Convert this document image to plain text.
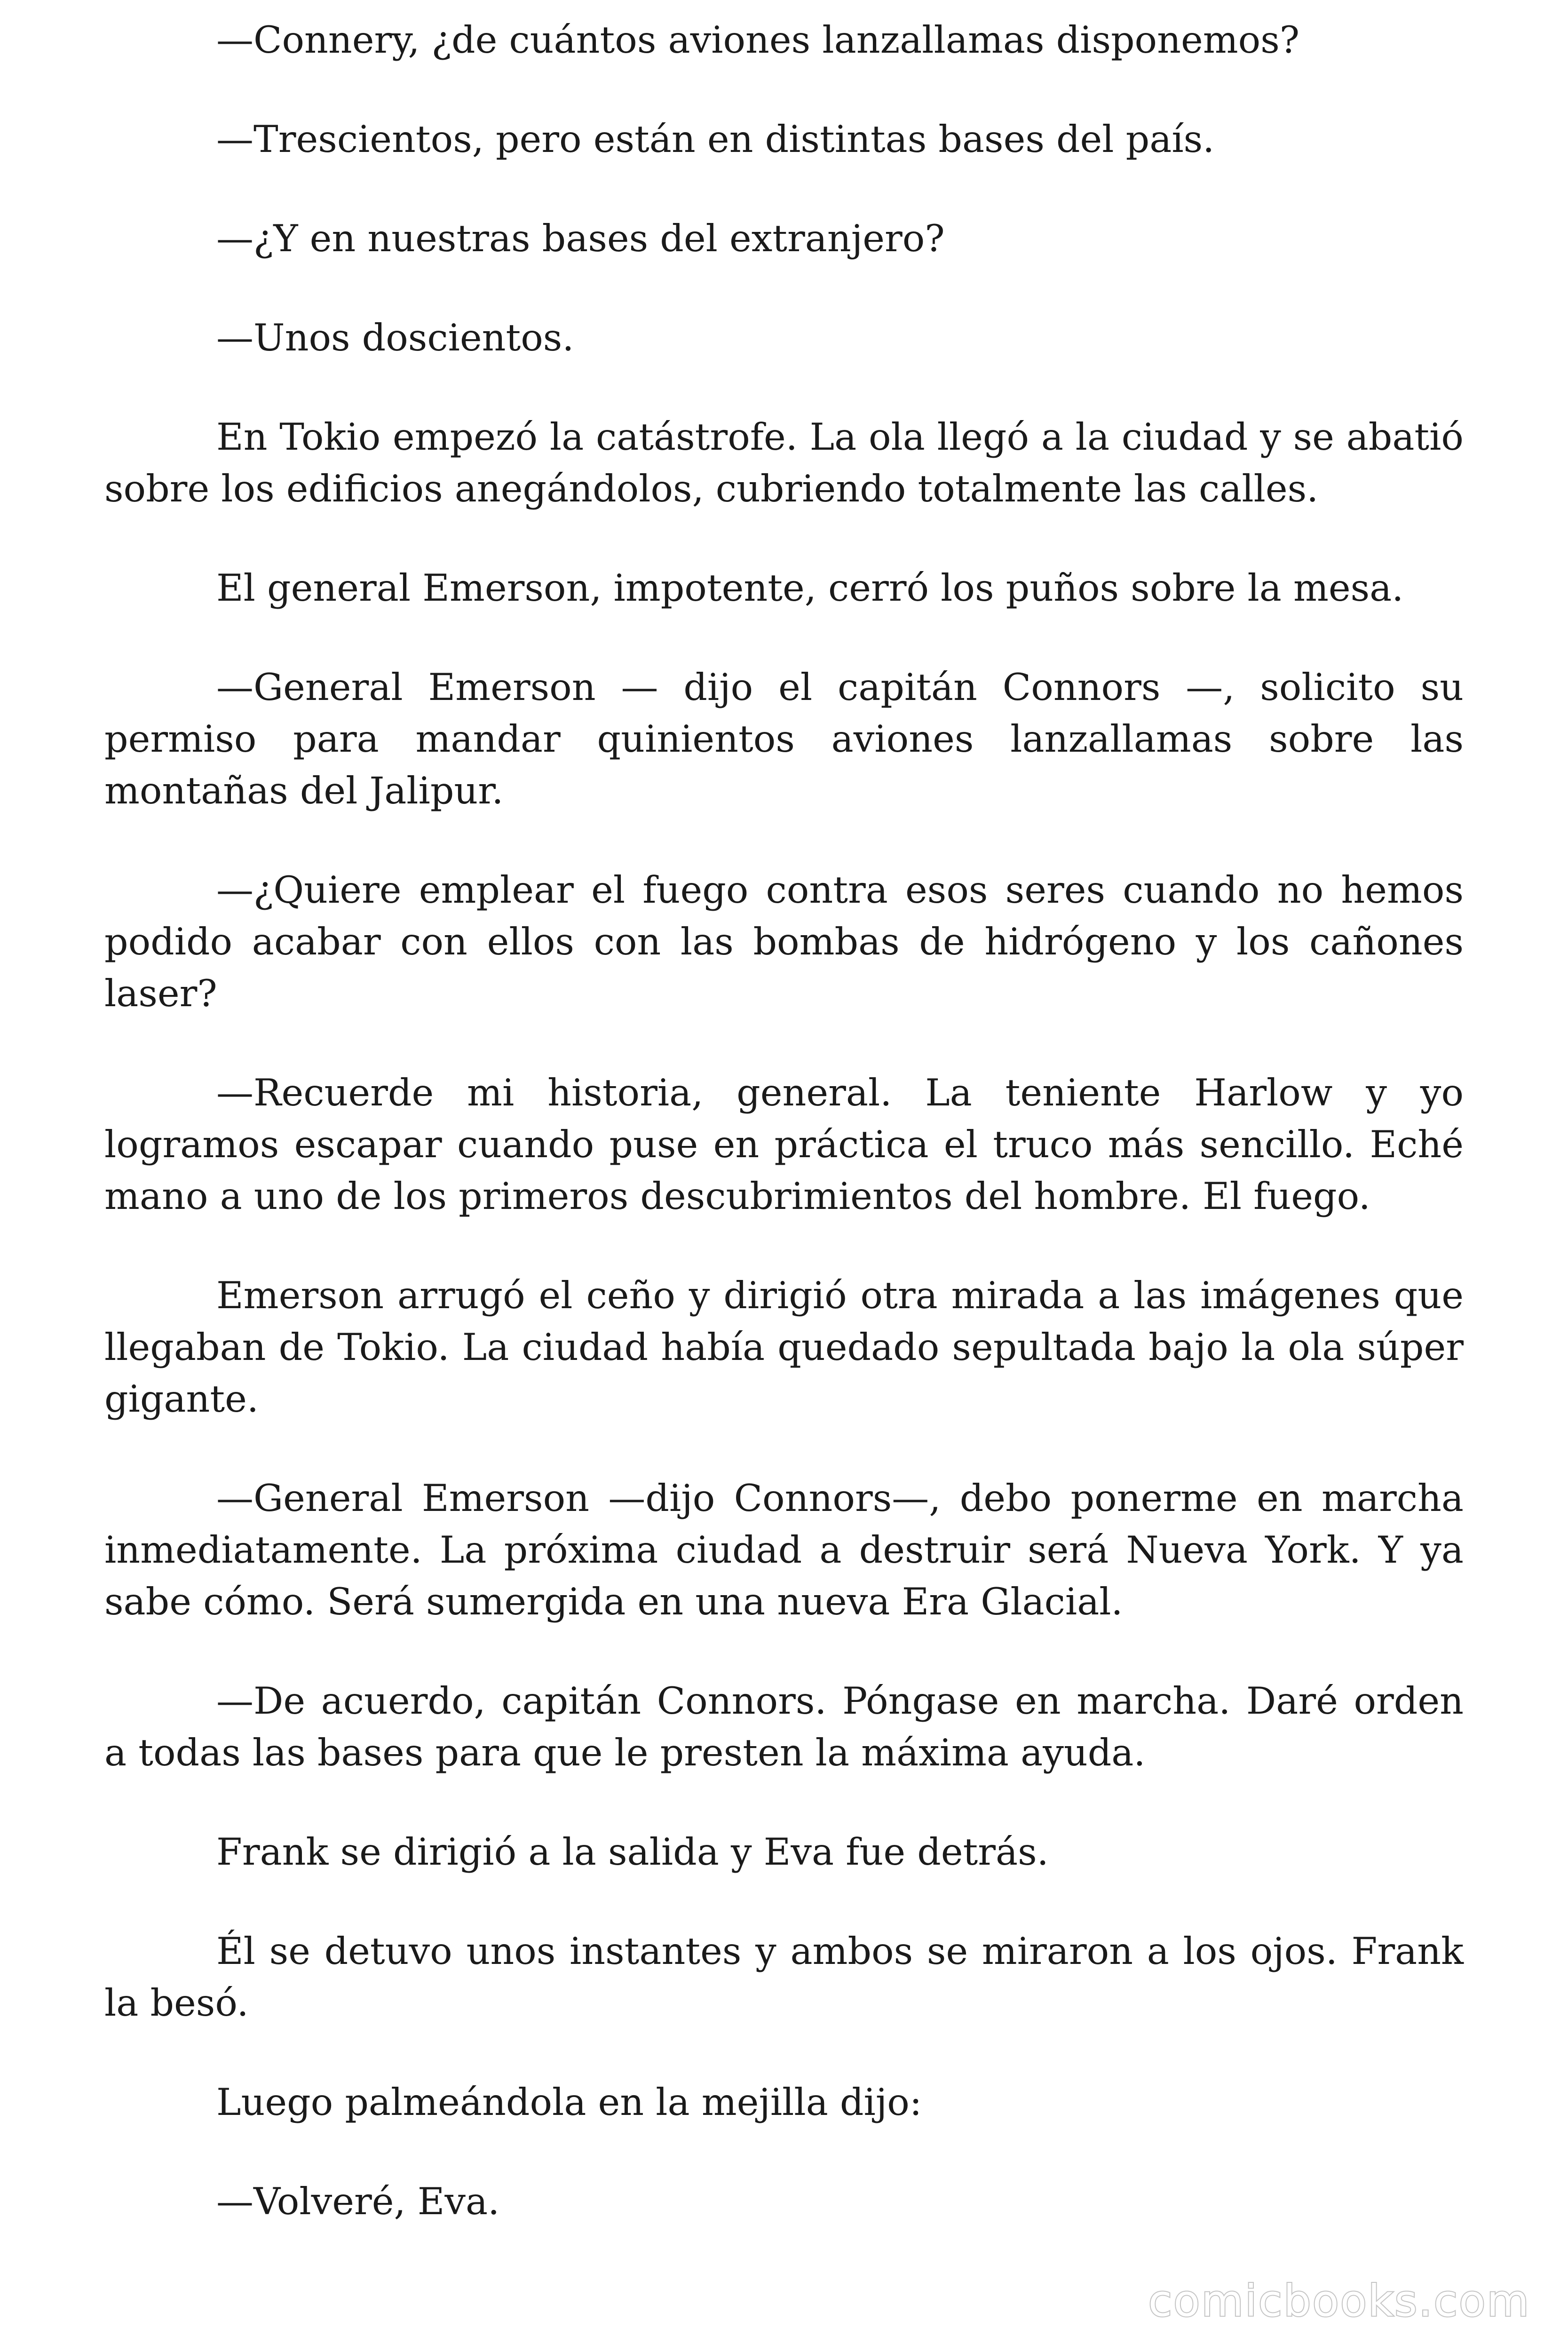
—Connery, ¿de cuántos aviones lanzallamas disponemos?

—Trescientos, pero están en distintas bases del país.

—¿Y en nuestras bases del extranjero?

—Unos doscientos.

En Tokio empezó la catástrofe. La ola llegó a la ciudad y se abatió sobre los edificios anegándolos, cubriendo totalmente las calles.

El general Emerson, impotente, cerró los puños sobre la mesa.

—General Emerson — dijo el capitán Connors —, solicito su permiso para mandar quinientos aviones lanzallamas sobre las montañas del Jalipur.

—¿Quiere emplear el fuego contra esos seres cuando no hemos podido acabar con ellos con las bombas de hidrógeno y los cañones laser?

—Recuerde mi historia, general. La teniente Harlow y yo logramos escapar cuando puse en práctica el truco más sencillo. Eché mano a uno de los primeros descubrimientos del hombre. El fuego.

Emerson arrugó el ceño y dirigió otra mirada a las imágenes que llegaban de Tokio. La ciudad había quedado sepultada bajo la ola súper gigante.

—General Emerson —dijo Connors—, debo ponerme en marcha inmediatamente. La próxima ciudad a destruir será Nueva York. Y ya sabe cómo. Será sumergida en una nueva Era Glacial.

—De acuerdo, capitán Connors. Póngase en marcha. Daré orden a todas las bases para que le presten la máxima ayuda.

Frank se dirigió a la salida y Eva fue detrás.

Él se detuvo unos instantes y ambos se miraron a los ojos. Frank la besó.

Luego palmeándola en la mejilla dijo:

—Volveré, Eva.

comicbooks.com
